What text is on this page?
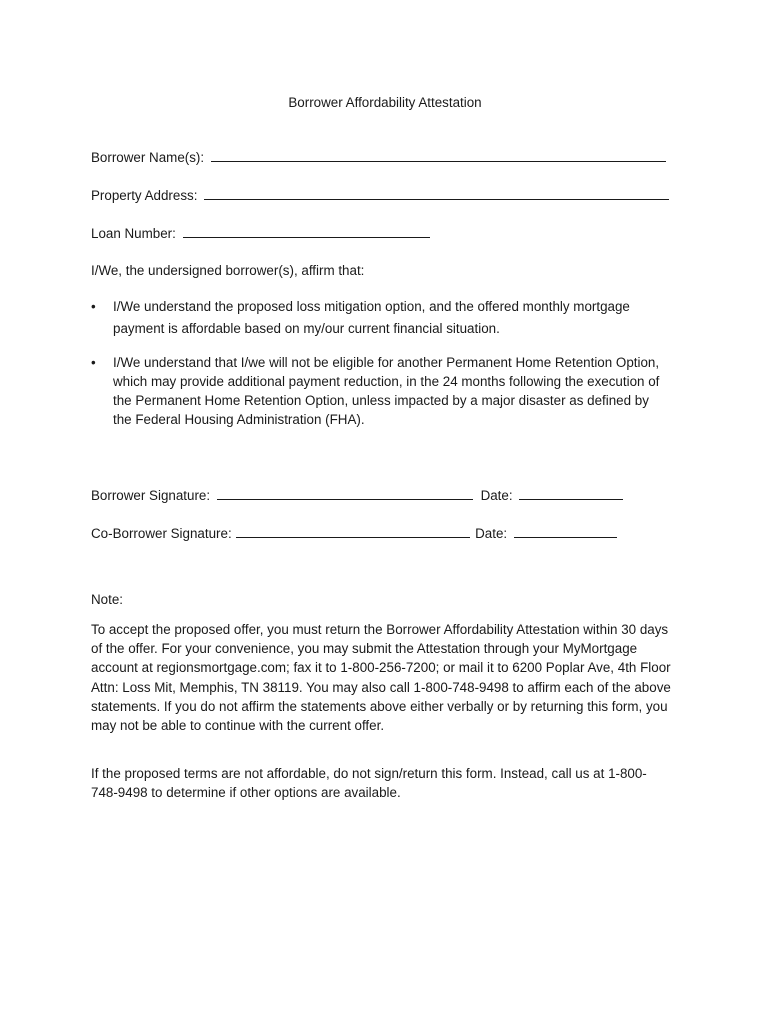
Borrower Affordability Attestation
Borrower Name(s):
Property Address:
Loan Number:
I/We, the undersigned borrower(s), affirm that:
• I/We understand the proposed loss mitigation option, and the offered monthly mortgage payment is affordable based on my/our current financial situation.
• I/We understand that I/we will not be eligible for another Permanent Home Retention Option, which may provide additional payment reduction, in the 24 months following the execution of the Permanent Home Retention Option, unless impacted by a major disaster as defined by the Federal Housing Administration (FHA).
Borrower Signature:	Date:
Co-Borrower Signature:	Date:
Note:

To accept the proposed offer, you must return the Borrower Affordability Attestation within 30 days of the offer. For your convenience, you may submit the Attestation through your MyMortgage account at regionsmortgage.com; fax it to 1-800-256-7200; or mail it to 6200 Poplar Ave, 4th Floor Attn: Loss Mit, Memphis, TN 38119. You may also call 1-800-748-9498 to affirm each of the above statements. If you do not affirm the statements above either verbally or by returning this form, you may not be able to continue with the current offer.

If the proposed terms are not affordable, do not sign/return this form. Instead, call us at 1-800-748-9498 to determine if other options are available.
